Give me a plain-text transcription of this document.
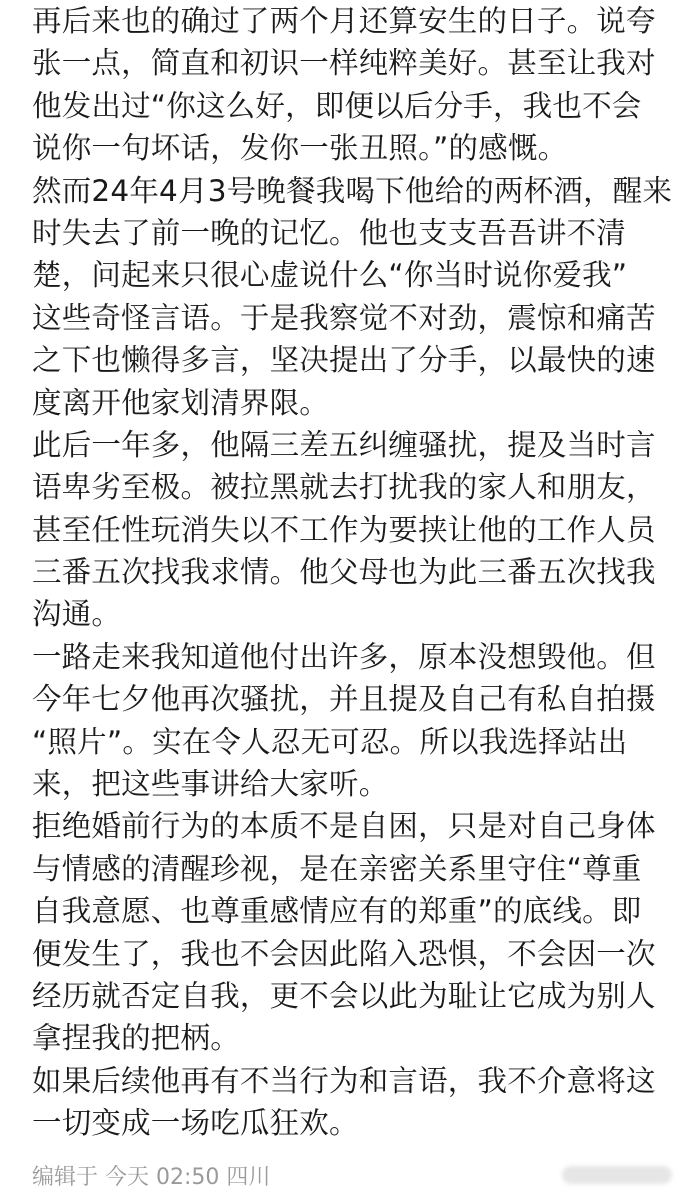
再后来也的确过了两个月还算安生的日子。说夸
张一点，简直和初识一样纯粹美好。甚至让我对
他发出过“你这么好，即便以后分手，我也不会
说你一句坏话，发你一张丑照。”的感慨。
然而24年4月3号晚餐我喝下他给的两杯酒，醒来
时失去了前一晚的记忆。他也支支吾吾讲不清
楚，问起来只很心虚说什么“你当时说你爱我”
这些奇怪言语。于是我察觉不对劲，震惊和痛苦
之下也懒得多言，坚决提出了分手，以最快的速
度离开他家划清界限。
此后一年多，他隔三差五纠缠骚扰，提及当时言
语卑劣至极。被拉黑就去打扰我的家人和朋友，
甚至任性玩消失以不工作为要挟让他的工作人员
三番五次找我求情。他父母也为此三番五次找我
沟通。
一路走来我知道他付出许多，原本没想毁他。但
今年七夕他再次骚扰，并且提及自己有私自拍摄
“照片”。实在令人忍无可忍。所以我选择站出
来，把这些事讲给大家听。
拒绝婚前行为的本质不是自困，只是对自己身体
与情感的清醒珍视，是在亲密关系里守住“尊重
自我意愿、也尊重感情应有的郑重”的底线。即
便发生了，我也不会因此陷入恐惧，不会因一次
经历就否定自我，更不会以此为耻让它成为别人
拿捏我的把柄。
如果后续他再有不当行为和言语，我不介意将这
一切变成一场吃瓜狂欢。
编辑于 今天 02:50 四川
